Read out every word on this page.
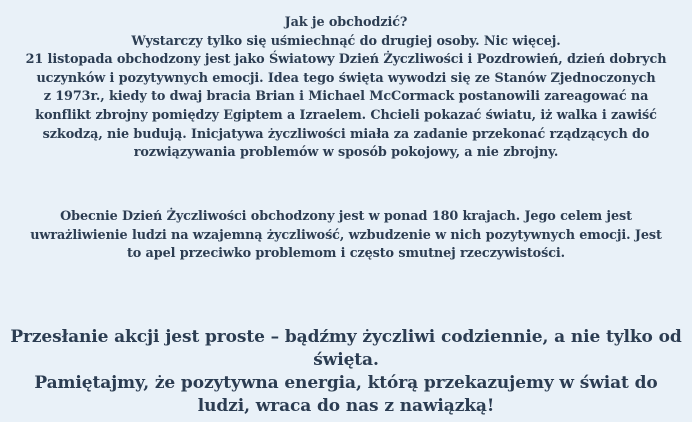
Jak je obchodzić?
Wystarczy tylko się uśmiechnąć do drugiej osoby. Nic więcej.
21 listopada obchodzony jest jako Światowy Dzień Życzliwości i Pozdrowień, dzień dobrych
uczynków i pozytywnych emocji. Idea tego święta wywodzi się ze Stanów Zjednoczonych
z 1973r., kiedy to dwaj bracia Brian i Michael McCormack postanowili zareagować na
konflikt zbrojny pomiędzy Egiptem a Izraelem. Chcieli pokazać światu, iż walka i zawiść
szkodzą, nie budują. Inicjatywa życzliwości miała za zadanie przekonać rządzących do
rozwiązywania problemów w sposób pokojowy, a nie zbrojny.
Obecnie Dzień Życzliwości obchodzony jest w ponad 180 krajach. Jego celem jest
uwrażliwienie ludzi na wzajemną życzliwość, wzbudzenie w nich pozytywnych emocji. Jest
to apel przeciwko problemom i często smutnej rzeczywistości.
Przesłanie akcji jest proste – bądźmy życzliwi codziennie, a nie tylko od
święta.
Pamiętajmy, że pozytywna energia, którą przekazujemy w świat do
ludzi, wraca do nas z nawiązką!
